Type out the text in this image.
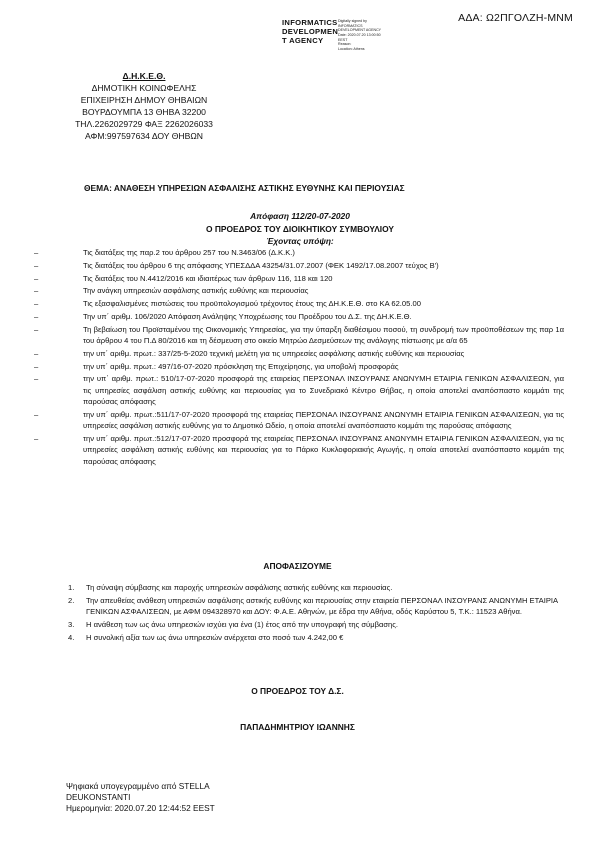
ΑΔΑ: Ω2ΠΓΟΛΖΗ-ΜΝΜ
INFORMATICS
DEVELOPMEN
T AGENCY
Digitally signed by
INFORMATICS
DEVELOPMENT AGENCY
Date: 2020.07.20 13:00:50
EEST
Reason:
Location: Athens
Δ.Η.Κ.Ε.Θ.
ΔΗΜΟΤΙΚΗ ΚΟΙΝΩΦΕΛΗΣ
ΕΠΙΧΕΙΡΗΣΗ ΔΗΜΟΥ ΘΗΒΑΙΩΝ
ΒΟΥΡΔΟΥΜΠΑ 13 ΘΗΒΑ 32200
ΤΗΛ.2262029729 ΦΑΞ 2262026033
ΑΦΜ:997597634 ΔΟΥ ΘΗΒΩΝ
ΘΕΜΑ: ΑΝΑΘΕΣΗ ΥΠΗΡΕΣΙΩΝ ΑΣΦΑΛΙΣΗΣ ΑΣΤΙΚΗΣ ΕΥΘΥΝΗΣ ΚΑΙ ΠΕΡΙΟΥΣΙΑΣ
Απόφαση 112/20-07-2020
Ο ΠΡΟΕΔΡΟΣ ΤΟΥ ΔΙΟΙΚΗΤΙΚΟΥ ΣΥΜΒΟΥΛΙΟΥ
Έχοντας υπόψη:
–	Τις διατάξεις της παρ.2 του άρθρου 257 του Ν.3463/06 (Δ.Κ.Κ.)
–	Τις διατάξεις του άρθρου 6 της απόφασης ΥΠΕΣΔΔΑ 43254/31.07.2007 (ΦΕΚ 1492/17.08.2007 τεύχος Β')
–	Τις διατάξεις του Ν.4412/2016 και ιδιαιτέρως των άρθρων 116, 118 και 120
–	Την ανάγκη υπηρεσιών ασφάλισης αστικής ευθύνης και περιουσίας
–	Τις εξασφαλισμένες πιστώσεις του προϋπολογισμού τρέχοντος έτους της ΔΗ.Κ.Ε.Θ. στο ΚΑ 62.05.00
–	Την υπ΄ αριθμ. 106/2020 Απόφαση Ανάληψης Υποχρέωσης του Προέδρου του Δ.Σ. της ΔΗ.Κ.Ε.Θ.
–	Τη βεβαίωση του Προϊσταμένου της Οικονομικής Υπηρεσίας, για την ύπαρξη διαθέσιμου ποσού, τη συνδρομή των προϋποθέσεων της παρ 1α του άρθρου 4 του Π.Δ 80/2016 και τη δέσμευση στο οικείο Μητρώο Δεσμεύσεων της ανάλογης πίστωσης με α/α 65
–	την υπ΄ αριθμ. πρωτ.: 337/25-5-2020 τεχνική μελέτη για τις υπηρεσίες ασφάλισης αστικής ευθύνης και περιουσίας
–	την υπ΄ αριθμ. πρωτ.: 497/16-07-2020 πρόσκληση της Επιχείρησης, για υποβολή προσφοράς
–	την υπ΄ αριθμ. πρωτ.: 510/17-07-2020 προσφορά της εταιρείας ΠΕΡΣΟΝΑΛ ΙΝΣΟΥΡΑΝΣ ΑΝΩΝΥΜΗ ΕΤΑΙΡΙΑ ΓΕΝΙΚΩΝ ΑΣΦΑΛΙΣΕΩΝ, για τις υπηρεσίες ασφάλιση αστικής ευθύνης και περιουσίας για το Συνεδριακό Κέντρο Θήβας, η οποία αποτελεί αναπόσπαστο κομμάτι της παρούσας απόφασης
–	την υπ΄ αριθμ. πρωτ.:511/17-07-2020 προσφορά της εταιρείας ΠΕΡΣΟΝΑΛ ΙΝΣΟΥΡΑΝΣ ΑΝΩΝΥΜΗ ΕΤΑΙΡΙΑ ΓΕΝΙΚΩΝ ΑΣΦΑΛΙΣΕΩΝ, για τις υπηρεσίες ασφάλιση αστικής ευθύνης για το Δημοτικό Ωδείο, η οποία αποτελεί αναπόσπαστο κομμάτι της παρούσας απόφασης
–	την υπ΄ αριθμ. πρωτ.:512/17-07-2020 προσφορά της εταιρείας ΠΕΡΣΟΝΑΛ ΙΝΣΟΥΡΑΝΣ ΑΝΩΝΥΜΗ ΕΤΑΙΡΙΑ ΓΕΝΙΚΩΝ ΑΣΦΑΛΙΣΕΩΝ, για τις υπηρεσίες ασφάλιση αστικής ευθύνης και περιουσίας για το Πάρκο Κυκλοφοριακής Αγωγής, η οποία αποτελεί αναπόσπαστο κομμάτι της παρούσας απόφασης
ΑΠΟΦΑΣΙΖΟΥΜΕ
1. Τη σύναψη σύμβασης και παροχής υπηρεσιών ασφάλισης αστικής ευθύνης και περιουσίας.
2. Την απευθείας ανάθεση υπηρεσιών ασφάλισης αστικής ευθύνης και περιουσίας στην εταιρεία ΠΕΡΣΟΝΑΛ ΙΝΣΟΥΡΑΝΣ ΑΝΩΝΥΜΗ ΕΤΑΙΡΙΑ ΓΕΝΙΚΩΝ ΑΣΦΑΛΙΣΕΩΝ, με ΑΦΜ 094328970 και ΔΟΥ: Φ.Α.Ε. Αθηνών, με έδρα την Αθήνα, οδός Καρύστου 5, Τ.Κ.: 11523 Αθήνα.
3. Η ανάθεση των ως άνω υπηρεσιών ισχύει για ένα (1) έτος από την υπογραφή της σύμβασης.
4. Η συνολική αξία των ως άνω υπηρεσιών ανέρχεται στο ποσό των 4.242,00 €
Ο ΠΡΟΕΔΡΟΣ ΤΟΥ Δ.Σ.
ΠΑΠΑΔΗΜΗΤΡΙΟΥ ΙΩΑΝΝΗΣ
Ψηφιακά υπογεγραμμένο από STELLA
DEUKONSTANTI
Ημερομηνία: 2020.07.20 12:44:52 EEST
